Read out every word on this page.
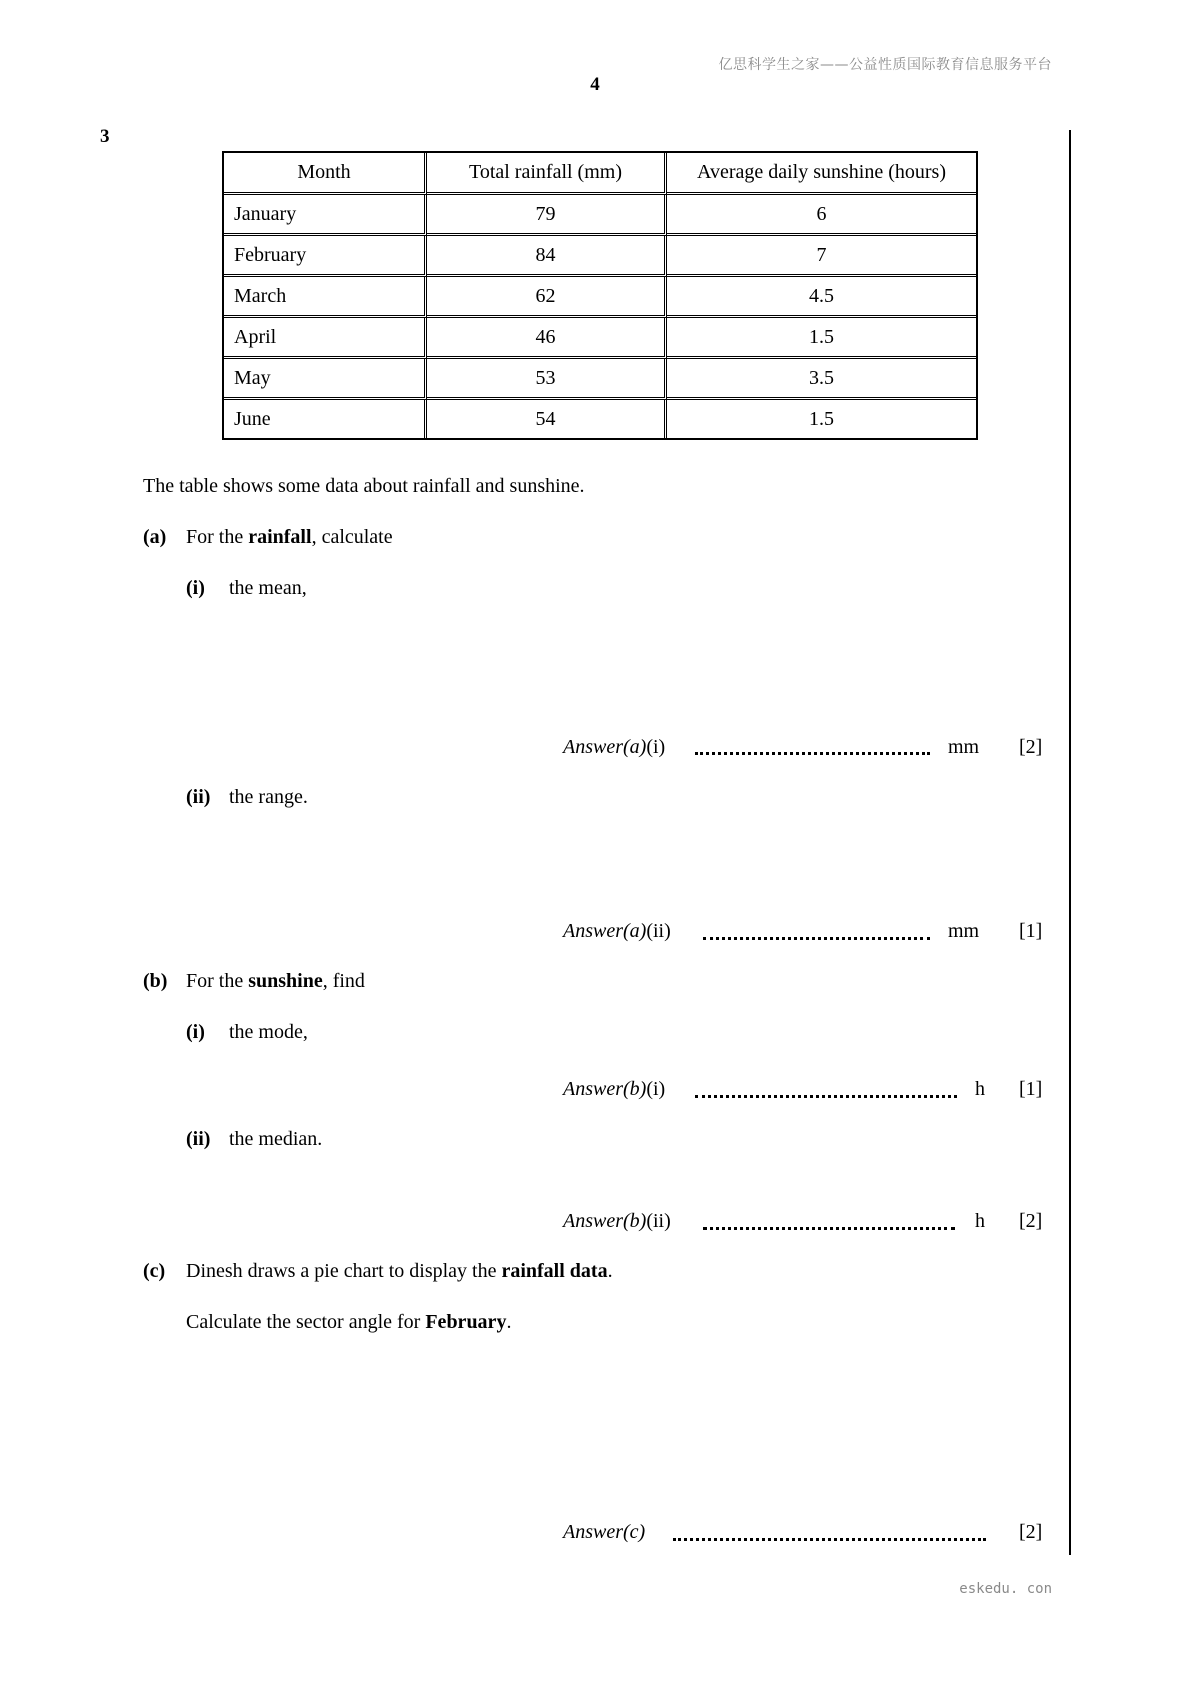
亿思科学生之家——公益性质国际教育信息服务平台
4
3
Month	Total rainfall (mm)	Average daily sunshine (hours)
January	79	6
February	84	7
March	62	4.5
April	46	1.5
May	53	3.5
June	54	1.5
The table shows some data about rainfall and sunshine.
(a) For the rainfall, calculate
(i) the mean,
Answer(a)(i)	mm [2]
(ii) the range.
Answer(a)(ii)	mm [1]
(b) For the sunshine, find
(i) the mode,
Answer(b)(i)	h [1]
(ii) the median.
Answer(b)(ii)	h [2]
(c) Dinesh draws a pie chart to display the rainfall data.
Calculate the sector angle for February.
Answer(c)	[2]
eskedu. con
